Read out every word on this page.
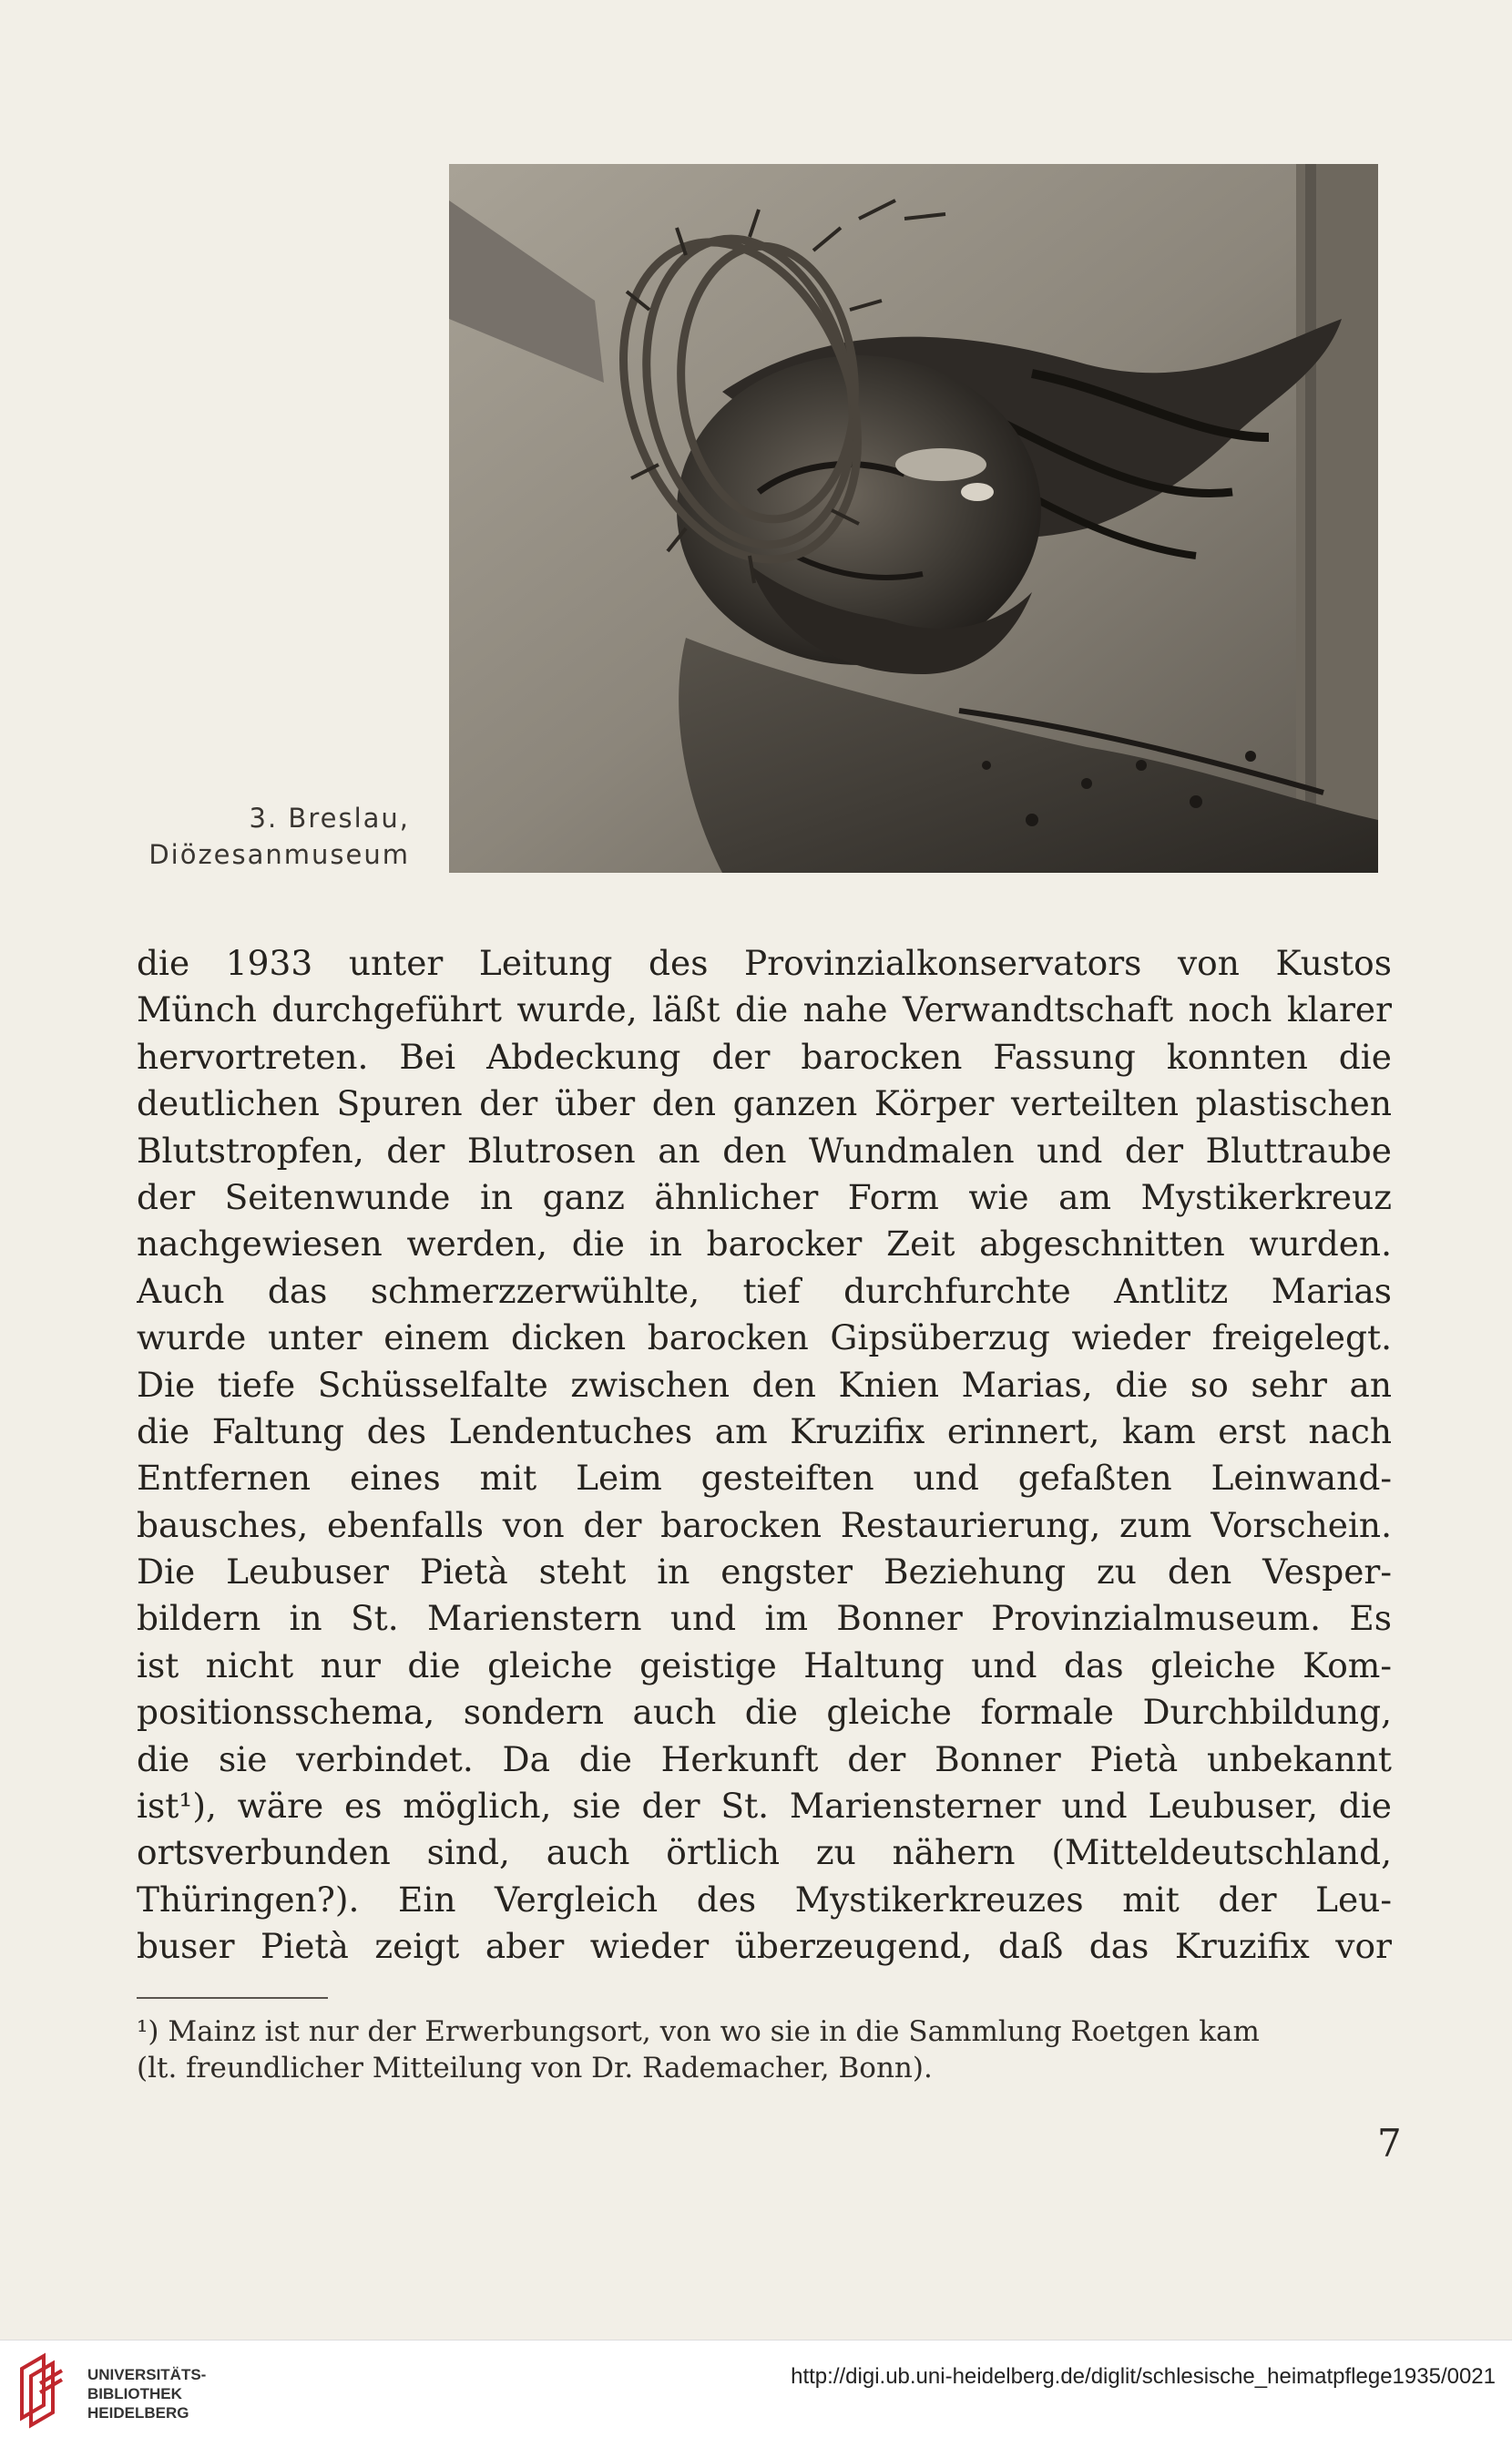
3. Breslau,
Diözesanmuseum
die 1933 unter Leitung des Provinzialkonservators von Kustos
Münch durchgeführt wurde, läßt die nahe Verwandtschaft noch klarer
hervortreten. Bei Abdeckung der barocken Fassung konnten die
deutlichen Spuren der über den ganzen Körper verteilten plastischen
Blutstropfen, der Blutrosen an den Wundmalen und der Bluttraube
der Seitenwunde in ganz ähnlicher Form wie am Mystikerkreuz
nachgewiesen werden, die in barocker Zeit abgeschnitten wurden.
Auch das schmerzzerwühlte, tief durchfurchte Antlitz Marias
wurde unter einem dicken barocken Gipsüberzug wieder freigelegt.
Die tiefe Schüsselfalte zwischen den Knien Marias, die so sehr an
die Faltung des Lendentuches am Kruzifix erinnert, kam erst nach
Entfernen eines mit Leim gesteiften und gefaßten Leinwand-
bausches, ebenfalls von der barocken Restaurierung, zum Vorschein.
Die Leubuser Pietà steht in engster Beziehung zu den Vesper-
bildern in St. Marienstern und im Bonner Provinzialmuseum. Es
ist nicht nur die gleiche geistige Haltung und das gleiche Kom-
positionsschema, sondern auch die gleiche formale Durchbildung,
die sie verbindet. Da die Herkunft der Bonner Pietà unbekannt
ist¹), wäre es möglich, sie der St. Mariensterner und Leubuser, die
ortsverbunden sind, auch örtlich zu nähern (Mitteldeutschland,
Thüringen?). Ein Vergleich des Mystikerkreuzes mit der Leu-
buser Pietà zeigt aber wieder überzeugend, daß das Kruzifix vor
¹) Mainz ist nur der Erwerbungsort, von wo sie in die Sammlung Roetgen kam
(lt. freundlicher Mitteilung von Dr. Rademacher, Bonn).
7
UNIVERSITÄTS-
BIBLIOTHEK
HEIDELBERG
http://digi.ub.uni-heidelberg.de/diglit/schlesische_heimatpflege1935/0021
